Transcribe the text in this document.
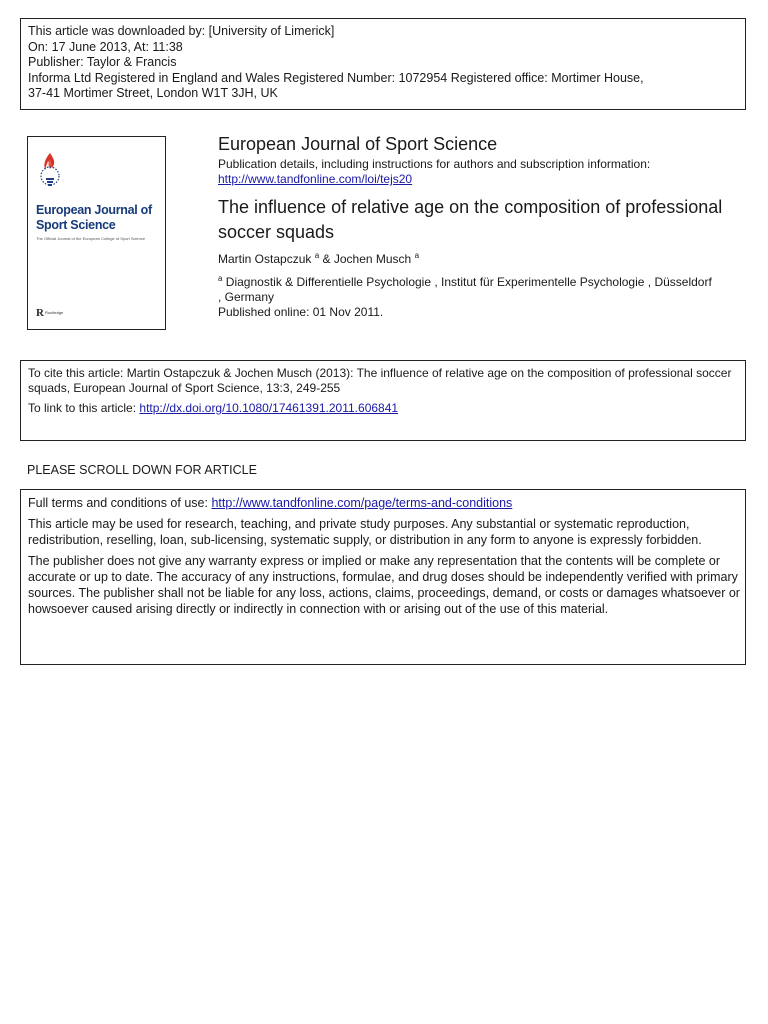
This article was downloaded by: [University of Limerick]
On: 17 June 2013, At: 11:38
Publisher: Taylor & Francis
Informa Ltd Registered in England and Wales Registered Number: 1072954 Registered office: Mortimer House,
37-41 Mortimer Street, London W1T 3JH, UK
European Journal of Sport Science
The Official Journal of the European College of Sport Science
R Routledge
European Journal of Sport Science
Publication details, including instructions for authors and subscription information:
http://www.tandfonline.com/loi/tejs20
The influence of relative age on the composition of professional soccer squads
Martin Ostapczuk $^a$ & Jochen Musch $^a$
$^a$ Diagnostik & Differentielle Psychologie , Institut für Experimentelle Psychologie , Düsseldorf , Germany
Published online: 01 Nov 2011.
To cite this article: Martin Ostapczuk & Jochen Musch (2013): The influence of relative age on the composition of professional soccer squads, European Journal of Sport Science, 13:3, 249-255
To link to this article: http://dx.doi.org/10.1080/17461391.2011.606841
PLEASE SCROLL DOWN FOR ARTICLE
Full terms and conditions of use: http://www.tandfonline.com/page/terms-and-conditions

This article may be used for research, teaching, and private study purposes. Any substantial or systematic reproduction, redistribution, reselling, loan, sub-licensing, systematic supply, or distribution in any form to anyone is expressly forbidden.

The publisher does not give any warranty express or implied or make any representation that the contents will be complete or accurate or up to date. The accuracy of any instructions, formulae, and drug doses should be independently verified with primary sources. The publisher shall not be liable for any loss, actions, claims, proceedings, demand, or costs or damages whatsoever or howsoever caused arising directly or indirectly in connection with or arising out of the use of this material.
